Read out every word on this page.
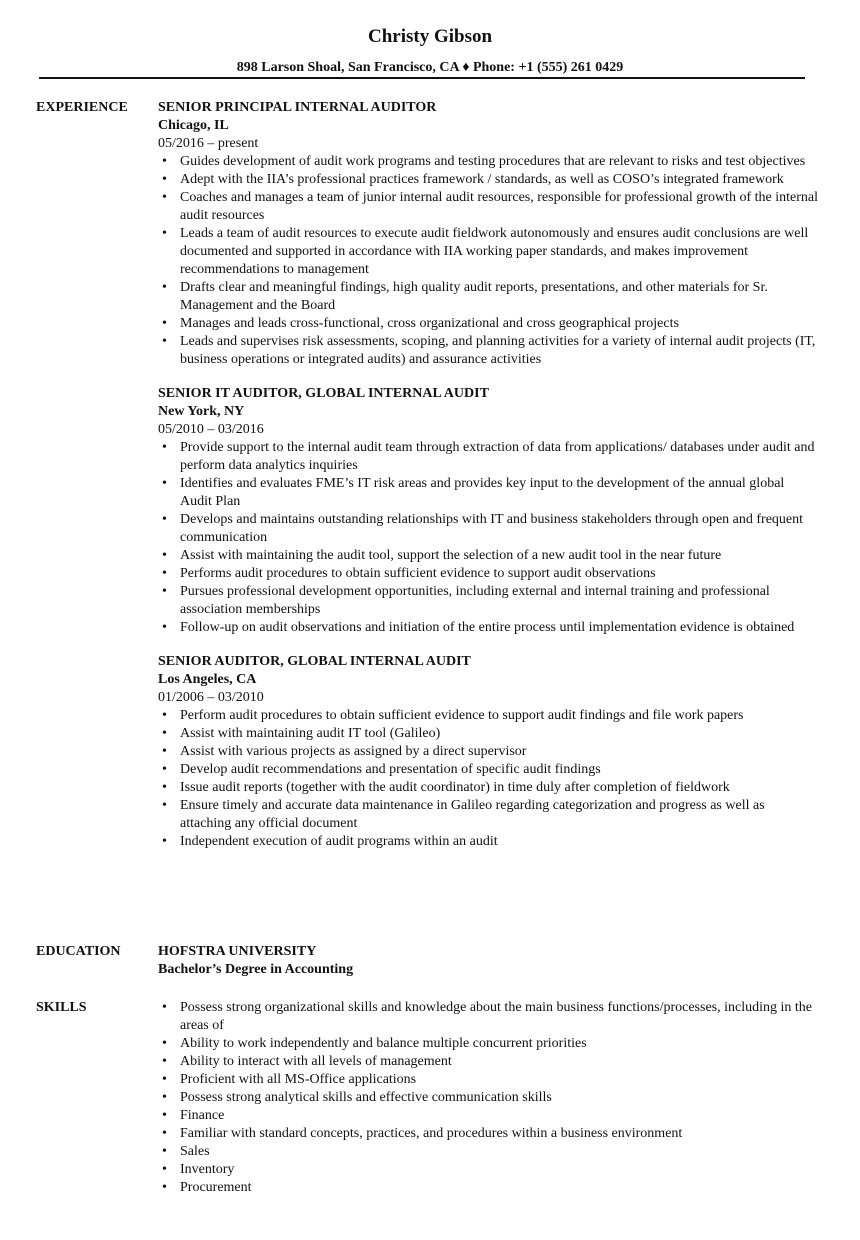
Christy Gibson
898 Larson Shoal, San Francisco, CA ♦ Phone: +1 (555) 261 0429
EXPERIENCE SENIOR PRINCIPAL INTERNAL AUDITOR
Chicago, IL
05/2016 – present
• Guides development of audit work programs and testing procedures that are relevant to risks and test objectives
• Adept with the IIA’s professional practices framework / standards, as well as COSO’s integrated framework
• Coaches and manages a team of junior internal audit resources, responsible for professional growth of the internal audit resources
• Leads a team of audit resources to execute audit fieldwork autonomously and ensures audit conclusions are well documented and supported in accordance with IIA working paper standards, and makes improvement recommendations to management
• Drafts clear and meaningful findings, high quality audit reports, presentations, and other materials for Sr. Management and the Board
• Manages and leads cross-functional, cross organizational and cross geographical projects
• Leads and supervises risk assessments, scoping, and planning activities for a variety of internal audit projects (IT, business operations or integrated audits) and assurance activities
SENIOR IT AUDITOR, GLOBAL INTERNAL AUDIT
New York, NY
05/2010 – 03/2016
• Provide support to the internal audit team through extraction of data from applications/ databases under audit and perform data analytics inquiries
• Identifies and evaluates FME’s IT risk areas and provides key input to the development of the annual global Audit Plan
• Develops and maintains outstanding relationships with IT and business stakeholders through open and frequent communication
• Assist with maintaining the audit tool, support the selection of a new audit tool in the near future
• Performs audit procedures to obtain sufficient evidence to support audit observations
• Pursues professional development opportunities, including external and internal training and professional association memberships
• Follow-up on audit observations and initiation of the entire process until implementation evidence is obtained
SENIOR AUDITOR, GLOBAL INTERNAL AUDIT
Los Angeles, CA
01/2006 – 03/2010
• Perform audit procedures to obtain sufficient evidence to support audit findings and file work papers
• Assist with maintaining audit IT tool (Galileo)
• Assist with various projects as assigned by a direct supervisor
• Develop audit recommendations and presentation of specific audit findings
• Issue audit reports (together with the audit coordinator) in time duly after completion of fieldwork
• Ensure timely and accurate data maintenance in Galileo regarding categorization and progress as well as attaching any official document
• Independent execution of audit programs within an audit
EDUCATION	HOFSTRA UNIVERSITY
Bachelor’s Degree in Accounting
SKILLS
•	Possess strong organizational skills and knowledge about the main business functions/processes, including in the areas of
• Ability to work independently and balance multiple concurrent priorities
• Ability to interact with all levels of management
• Proficient with all MS-Office applications
• Possess strong analytical skills and effective communication skills
• Finance
• Familiar with standard concepts, practices, and procedures within a business environment
• Sales
• Inventory
• Procurement
